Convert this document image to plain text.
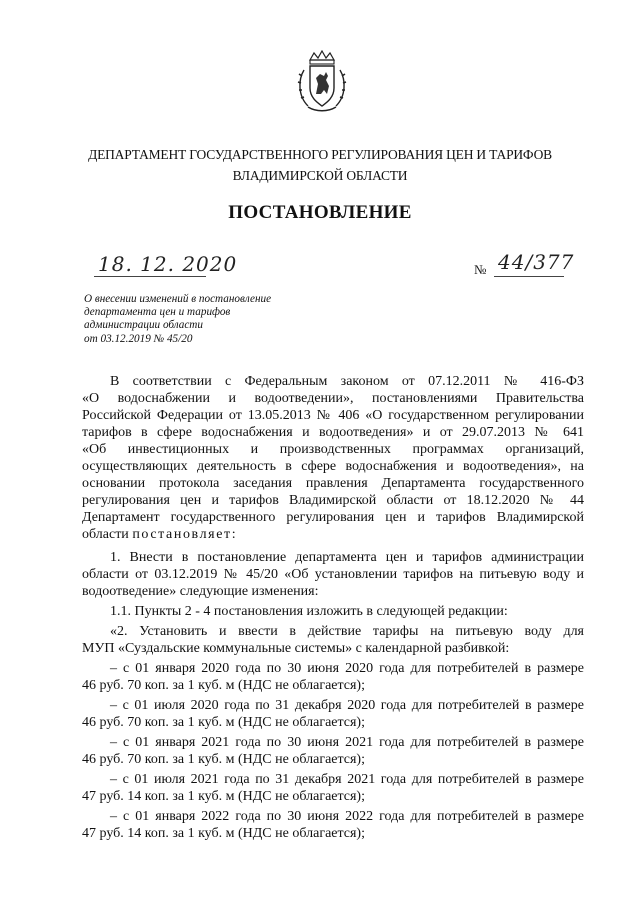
ДЕПАРТАМЕНТ ГОСУДАРСТВЕННОГО РЕГУЛИРОВАНИЯ ЦЕН И ТАРИФОВ
ВЛАДИМИРСКОЙ ОБЛАСТИ
ПОСТАНОВЛЕНИЕ
18. 12. 2020	№ 44/377
О внесении изменений в постановление
департамента цен и тарифов
администрации области
от 03.12.2019 № 45/20
В соответствии с Федеральным законом от 07.12.2011 № 416-ФЗ
«О водоснабжении и водоотведении», постановлениями Правительства
Российской Федерации от 13.05.2013 № 406 «О государственном регулировании
тарифов в сфере водоснабжения и водоотведения» и от 29.07.2013 № 641
«Об инвестиционных и производственных программах организаций,
осуществляющих деятельность в сфере водоснабжения и водоотведения», на
основании протокола заседания правления Департамента государственного
регулирования цен и тарифов Владимирской области от 18.12.2020 № 44
Департамент государственного регулирования цен и тарифов Владимирской
области постановляет:
1. Внести в постановление департамента цен и тарифов администрации
области от 03.12.2019 № 45/20 «Об установлении тарифов на питьевую воду и
водоотведение» следующие изменения:
1.1. Пункты 2 - 4 постановления изложить в следующей редакции:
«2. Установить и ввести в действие тарифы на питьевую воду для
МУП «Суздальские коммунальные системы» с календарной разбивкой:
– с 01 января 2020 года по 30 июня 2020 года для потребителей в размере
46 руб. 70 коп. за 1 куб. м (НДС не облагается);
– с 01 июля 2020 года по 31 декабря 2020 года для потребителей в размере
46 руб. 70 коп. за 1 куб. м (НДС не облагается);
– с 01 января 2021 года по 30 июня 2021 года для потребителей в размере
46 руб. 70 коп. за 1 куб. м (НДС не облагается);
– с 01 июля 2021 года по 31 декабря 2021 года для потребителей в размере
47 руб. 14 коп. за 1 куб. м (НДС не облагается);
– с 01 января 2022 года по 30 июня 2022 года для потребителей в размере
47 руб. 14 коп. за 1 куб. м (НДС не облагается);
